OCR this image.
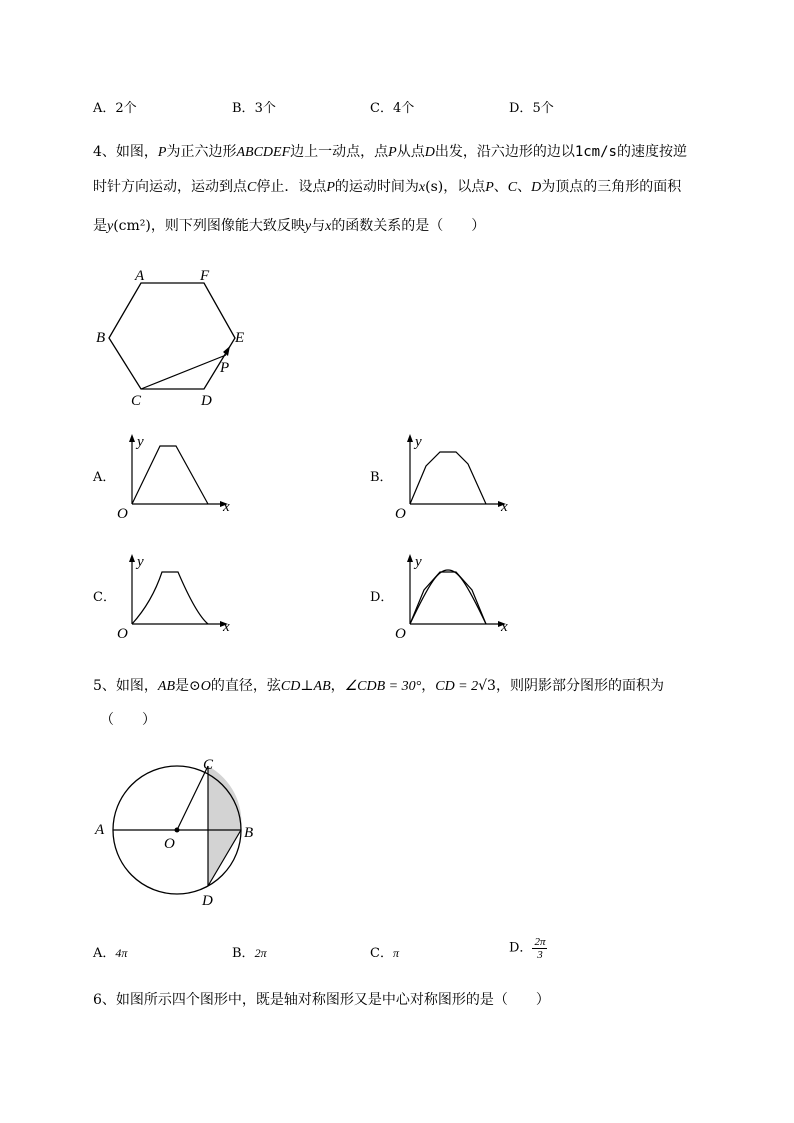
A．2个	B．3个	C．4个	D．5个
4、如图，P为正六边形ABCDEF边上一动点，点P从点D出发，沿六边形的边以1cm/s的速度按逆
时针方向运动，运动到点C停止．设点P的运动时间为x(s)，以点P、C、D为顶点的三角形的面积
是y(cm²)，则下列图像能大致反映y与x的函数关系的是（　　）
A	F
B	E
P
C	D
A．
y
x
O
B．
y
x
O
C．
y
x
O
D．
y
x
O
5、如图，AB是⊙O的直径，弦CD⊥AB，∠CDB = 30°，CD = 2√3，则阴影部分图形的面积为
（　　）
C
A	B
O
D
A．4π	B．2π	C．π	D． $\frac{2\pi}{3}$
6、如图所示四个图形中，既是轴对称图形又是中心对称图形的是（　　）
